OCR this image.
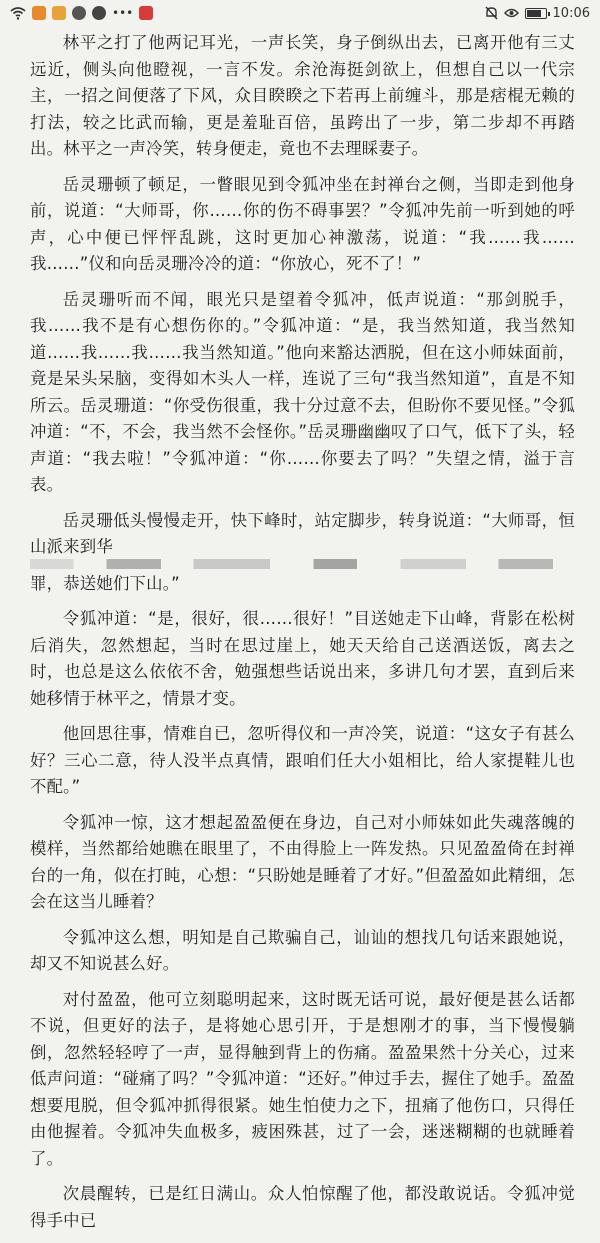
•••	10:06

林平之打了他两记耳光，一声长笑，身子倒纵出去，已离开他有三丈远近，侧头向他瞪视，一言不发。余沧海挺剑欲上，但想自己以一代宗主，一招之间便落了下风，众目睽睽之下若再上前缠斗，那是痞棍无赖的打法，较之比武而输，更是羞耻百倍，虽跨出了一步，第二步却不再踏出。林平之一声冷笑，转身便走，竟也不去理睬妻子。

岳灵珊顿了顿足，一瞥眼见到令狐冲坐在封禅台之侧，当即走到他身前，说道：“大师哥，你……你的伤不碍事罢？”令狐冲先前一听到她的呼声，心中便已怦怦乱跳，这时更加心神激荡，说道：“我……我……我……”仪和向岳灵珊冷冷的道：“你放心，死不了！”

岳灵珊听而不闻，眼光只是望着令狐冲，低声说道：“那剑脱手，我……我不是有心想伤你的。”令狐冲道：“是，我当然知道，我当然知道……我……我……我当然知道。”他向来豁达洒脱，但在这小师妹面前，竟是呆头呆脑，变得如木头人一样，连说了三句“我当然知道”，直是不知所云。岳灵珊道：“你受伤很重，我十分过意不去，但盼你不要见怪。”令狐冲道：“不，不会，我当然不会怪你。”岳灵珊幽幽叹了口气，低下了头，轻声道：“我去啦！”令狐冲道：“你……你要去了吗？”失望之情，溢于言表。

岳灵珊低头慢慢走开，快下峰时，站定脚步，转身说道：“大师哥，恒山派来到华

罪，恭送她们下山。”

令狐冲道：“是，很好，很……很好！”目送她走下山峰，背影在松树后消失，忽然想起，当时在思过崖上，她天天给自己送酒送饭，离去之时，也总是这么依依不舍，勉强想些话说出来，多讲几句才罢，直到后来她移情于林平之，情景才变。

他回思往事，情难自已，忽听得仪和一声冷笑，说道：“这女子有甚么好？三心二意，待人没半点真情，跟咱们任大小姐相比，给人家提鞋儿也不配。”

令狐冲一惊，这才想起盈盈便在身边，自己对小师妹如此失魂落魄的模样，当然都给她瞧在眼里了，不由得脸上一阵发热。只见盈盈倚在封禅台的一角，似在打盹，心想：“只盼她是睡着了才好。”但盈盈如此精细，怎会在这当儿睡着？

令狐冲这么想，明知是自己欺骗自己，讪讪的想找几句话来跟她说，却又不知说甚么好。

对付盈盈，他可立刻聪明起来，这时既无话可说，最好便是甚么话都不说，但更好的法子，是将她心思引开，于是想刚才的事，当下慢慢躺倒，忽然轻轻哼了一声，显得触到背上的伤痛。盈盈果然十分关心，过来低声问道：“碰痛了吗？”令狐冲道：“还好。”伸过手去，握住了她手。盈盈想要甩脱，但令狐冲抓得很紧。她生怕使力之下，扭痛了他伤口，只得任由他握着。令狐冲失血极多，疲困殊甚，过了一会，迷迷糊糊的也就睡着了。

次晨醒转，已是红日满山。众人怕惊醒了他，都没敢说话。令狐冲觉得手中已
